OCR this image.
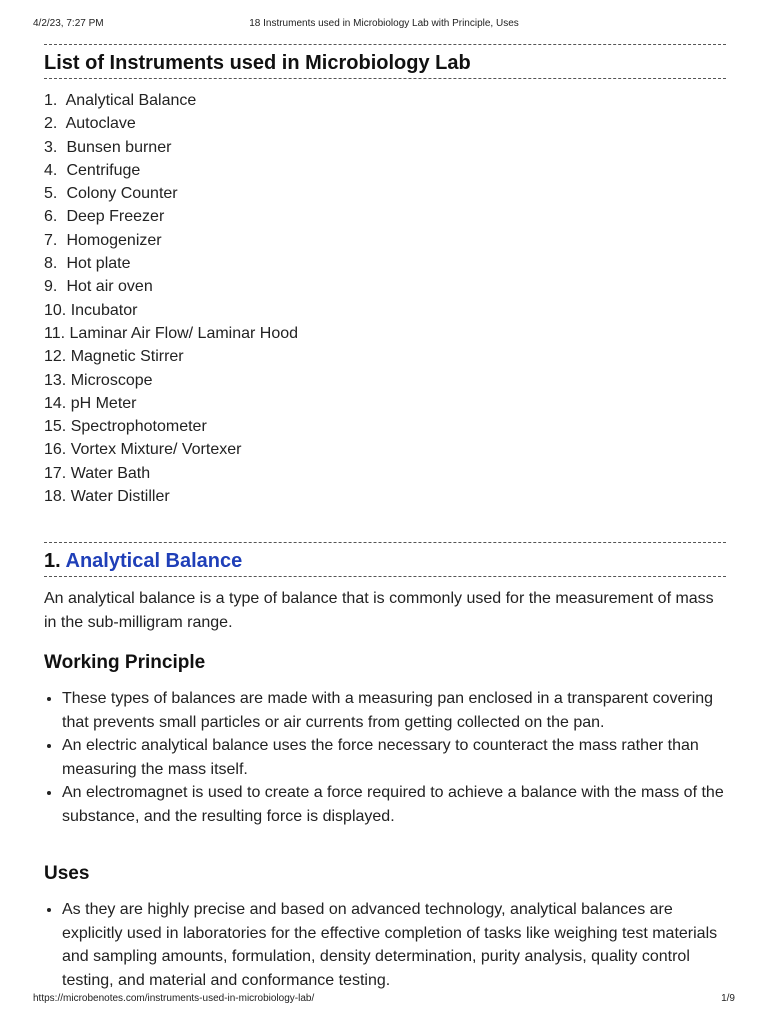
4/2/23, 7:27 PM	18 Instruments used in Microbiology Lab with Principle, Uses
List of Instruments used in Microbiology Lab
1. Analytical Balance
2. Autoclave
3. Bunsen burner
4. Centrifuge
5. Colony Counter
6. Deep Freezer
7. Homogenizer
8. Hot plate
9. Hot air oven
10. Incubator
11. Laminar Air Flow/ Laminar Hood
12. Magnetic Stirrer
13. Microscope
14. pH Meter
15. Spectrophotometer
16. Vortex Mixture/ Vortexer
17. Water Bath
18. Water Distiller
1. Analytical Balance

An analytical balance is a type of balance that is commonly used for the measurement of mass in the sub-milligram range.

Working Principle
• These types of balances are made with a measuring pan enclosed in a transparent covering that prevents small particles or air currents from getting collected on the pan.
• An electric analytical balance uses the force necessary to counteract the mass rather than measuring the mass itself.
• An electromagnet is used to create a force required to achieve a balance with the mass of the substance, and the resulting force is displayed.
Uses
• As they are highly precise and based on advanced technology, analytical balances are explicitly used in laboratories for the effective completion of tasks like weighing test materials and sampling amounts, formulation, density determination, purity analysis, quality control testing, and material and conformance testing.
https://microbenotes.com/instruments-used-in-microbiology-lab/	1/9
